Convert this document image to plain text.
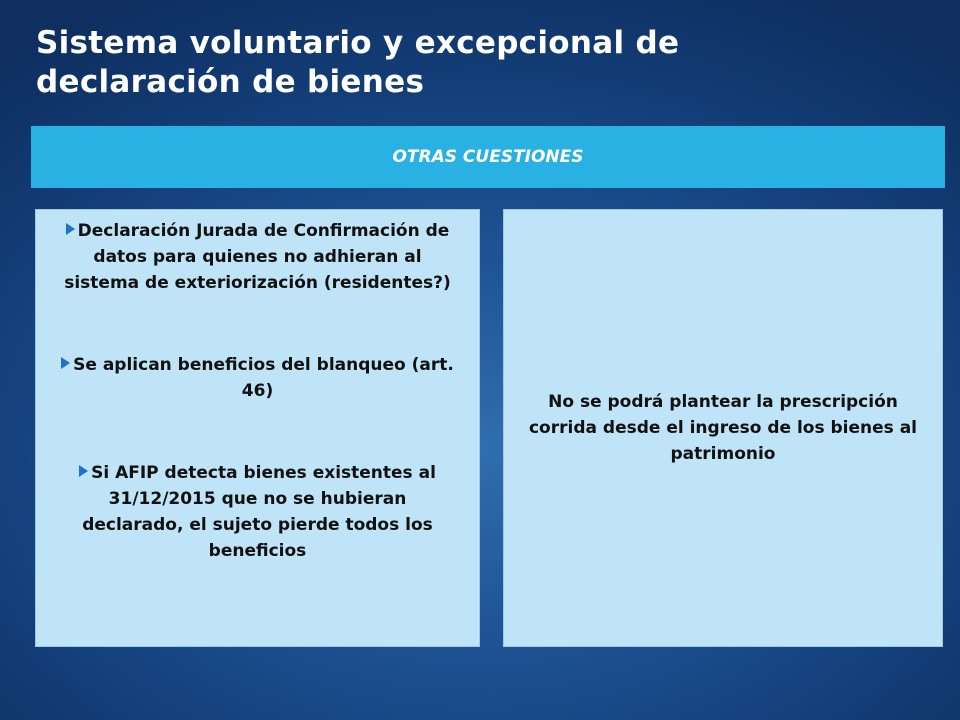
Sistema voluntario y excepcional de
declaración de bienes
OTRAS CUESTIONES

Declaración Jurada de Confirmación de datos para quienes no adhieran al sistema de exteriorización (residentes?)

Se aplican beneficios del blanqueo (art. 46)

Si AFIP detecta bienes existentes al 31/12/2015 que no se hubieran declarado, el sujeto pierde todos los beneficios

No se podrá plantear la prescripción corrida desde el ingreso de los bienes al patrimonio
